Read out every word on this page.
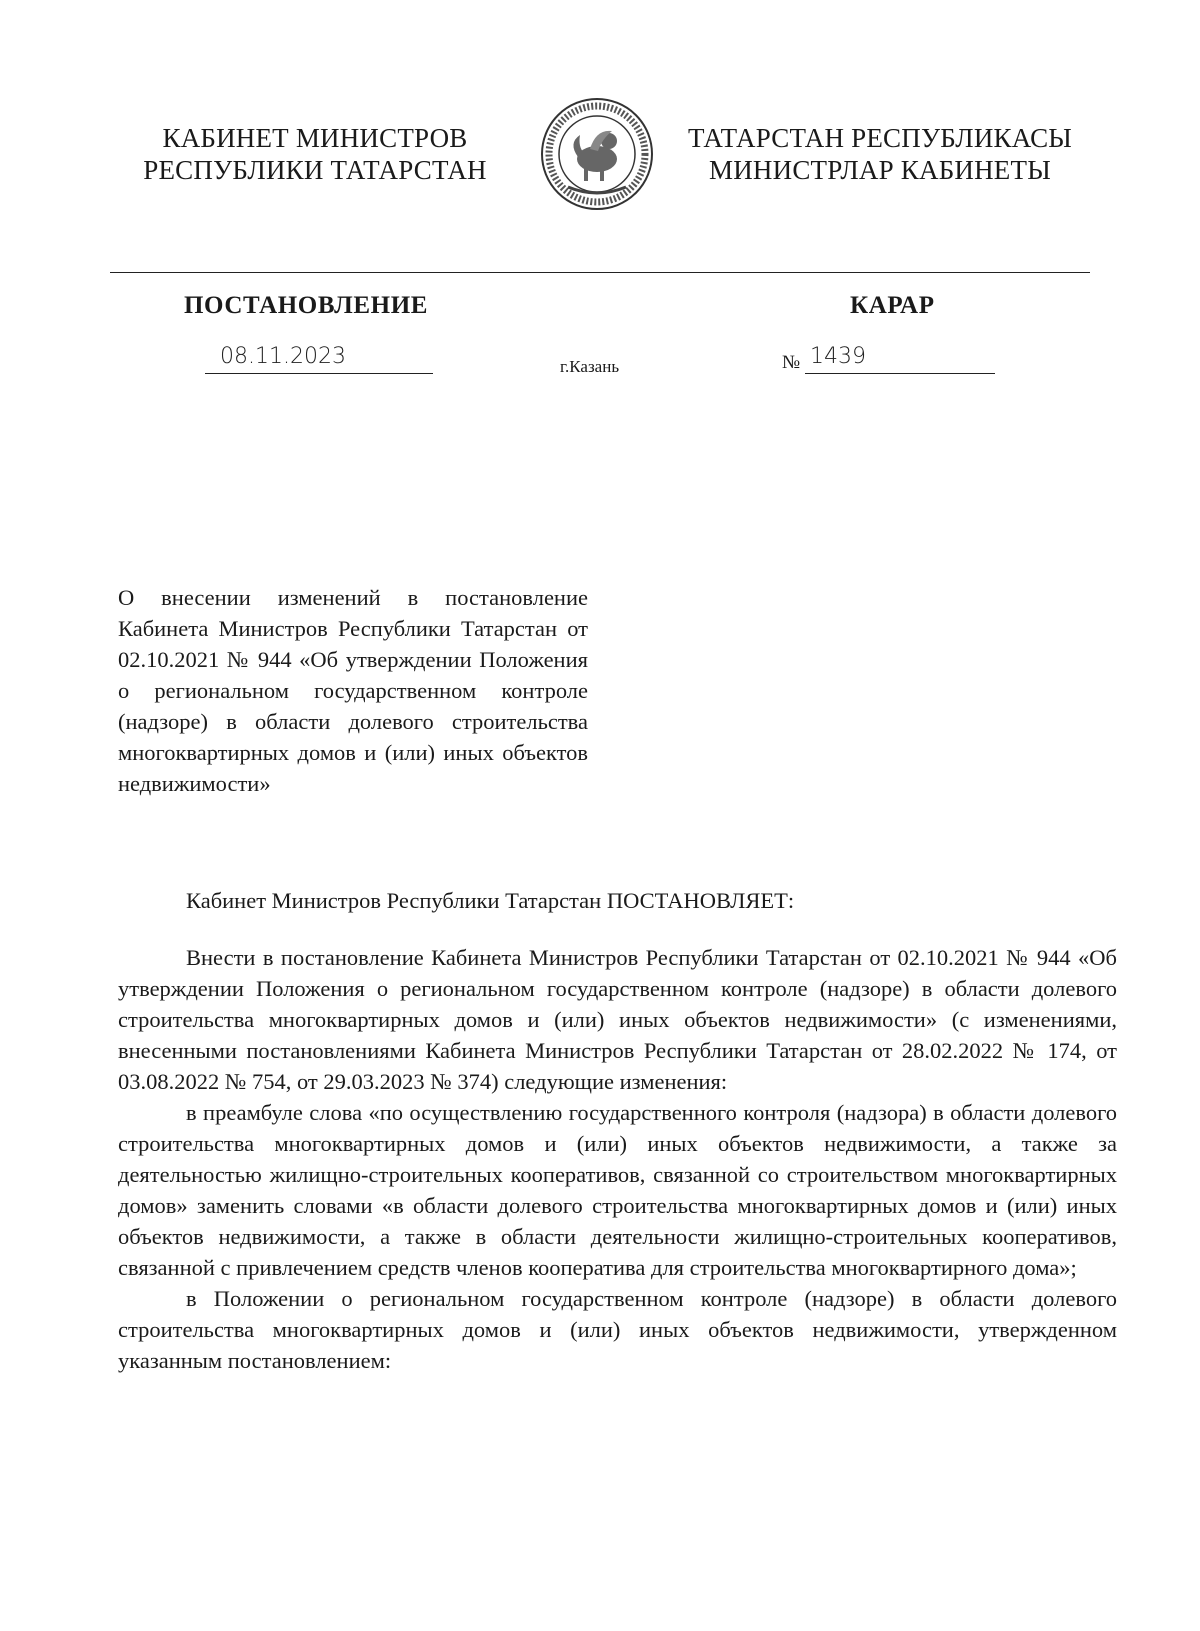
КАБИНЕТ МИНИСТРОВ
РЕСПУБЛИКИ ТАТАРСТАН
ТАТАРСТАН РЕСПУБЛИКАСЫ
МИНИСТРЛАР КАБИНЕТЫ
ПОСТАНОВЛЕНИЕ	КАРАР
08.11.2023	г.Казань	№ 1439
О внесении изменений в постановление Кабинета Министров Республики Татарстан от 02.10.2021 № 944 «Об утверждении Положения о региональном государственном контроле (надзоре) в области долевого строительства многоквартирных домов и (или) иных объектов недвижимости»
Кабинет Министров Республики Татарстан ПОСТАНОВЛЯЕТ:

Внести в постановление Кабинета Министров Республики Татарстан от 02.10.2021 № 944 «Об утверждении Положения о региональном государственном контроле (надзоре) в области долевого строительства многоквартирных домов и (или) иных объектов недвижимости» (с изменениями, внесенными постановлениями Кабинета Министров Республики Татарстан от 28.02.2022 № 174, от 03.08.2022 № 754, от 29.03.2023 № 374) следующие изменения:

в преамбуле слова «по осуществлению государственного контроля (надзора) в области долевого строительства многоквартирных домов и (или) иных объектов недвижимости, а также за деятельностью жилищно-строительных кооперативов, связанной со строительством многоквартирных домов» заменить словами «в области долевого строительства многоквартирных домов и (или) иных объектов недвижимости, а также в области деятельности жилищно-строительных кооперативов, связанной с привлечением средств членов кооператива для строительства многоквартирного дома»;

в Положении о региональном государственном контроле (надзоре) в области долевого строительства многоквартирных домов и (или) иных объектов недвижимости, утвержденном указанным постановлением:
